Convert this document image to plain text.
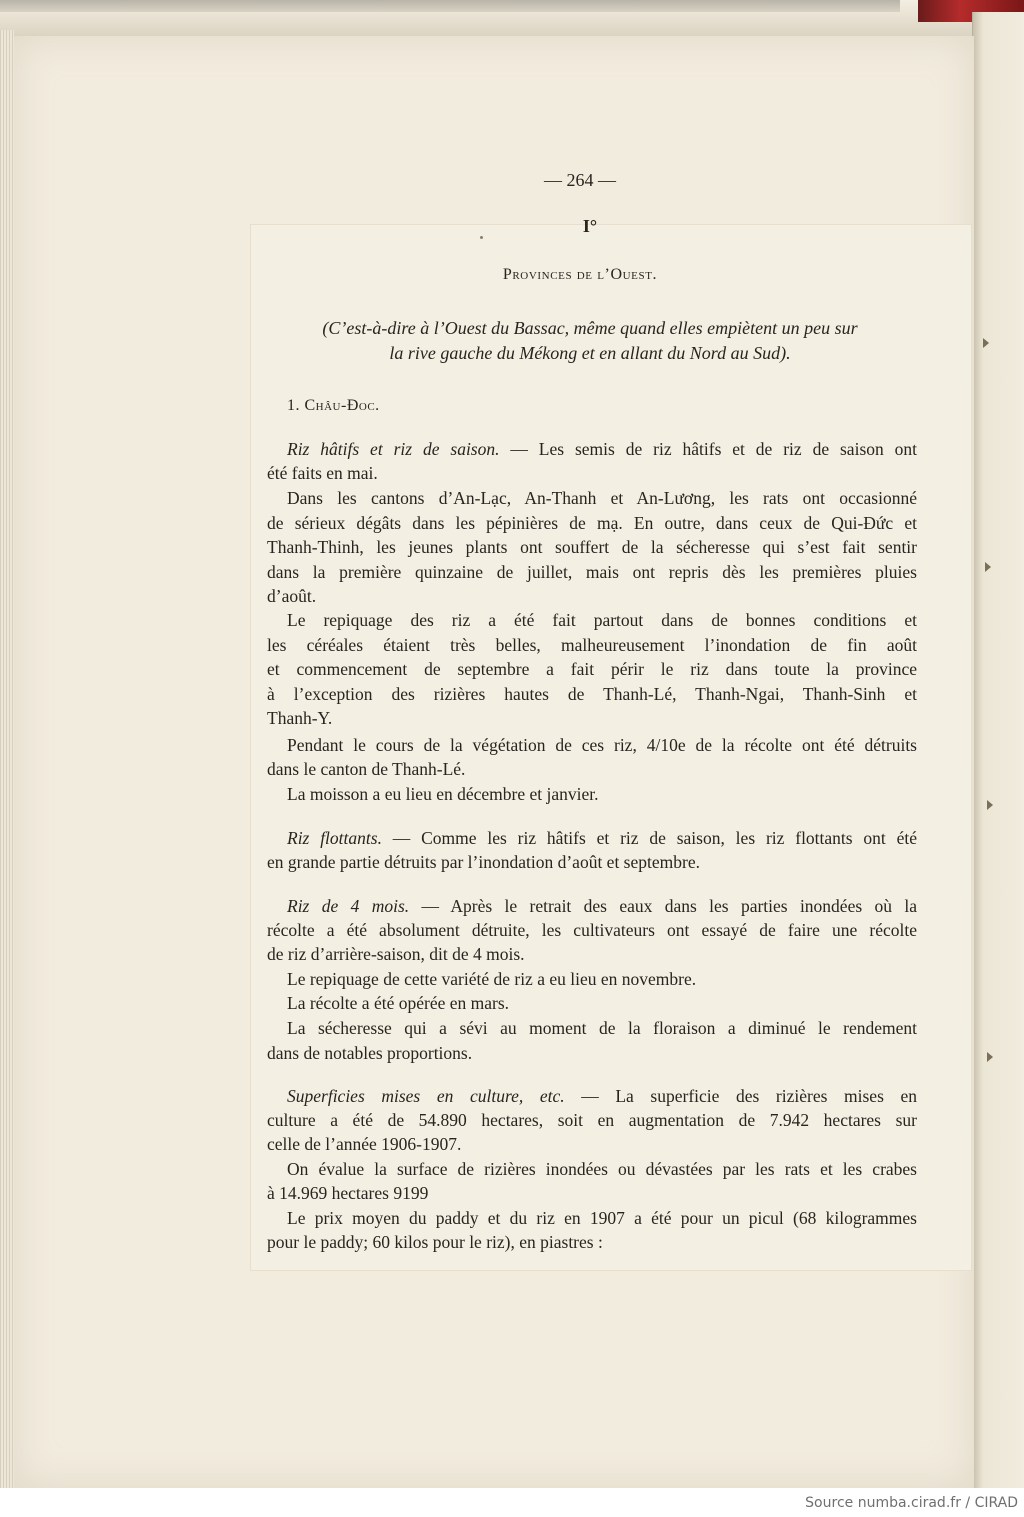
— 264 —
I°
Provinces de l’Ouest.
(C’est-à-dire à l’Ouest du Bassac, même quand elles empiètent un peu sur
la rive gauche du Mékong et en allant du Nord au Sud).
1. Châu-Đoc.
Riz hâtifs et riz de saison. — Les semis de riz hâtifs et de riz de saison ont
été faits en mai.
Dans les cantons d’An-Lạc, An-Thanh et An-Lương, les rats ont occasionné
de sérieux dégâts dans les pépinières de mạ. En outre, dans ceux de Qui-Đức et
Thanh-Thinh, les jeunes plants ont souffert de la sécheresse qui s’est fait sentir
dans la première quinzaine de juillet, mais ont repris dès les premières pluies
d’août.
Le repiquage des riz a été fait partout dans de bonnes conditions et
les céréales étaient très belles, malheureusement l’inondation de fin août
et commencement de septembre a fait périr le riz dans toute la province
à l’exception des rizières hautes de Thanh-Lé, Thanh-Ngai, Thanh-Sinh et
Thanh-Y.
Pendant le cours de la végétation de ces riz, 4/10e de la récolte ont été détruits
dans le canton de Thanh-Lé.
La moisson a eu lieu en décembre et janvier.
Riz flottants. — Comme les riz hâtifs et riz de saison, les riz flottants ont été
en grande partie détruits par l’inondation d’août et septembre.
Riz de 4 mois. — Après le retrait des eaux dans les parties inondées où la
récolte a été absolument détruite, les cultivateurs ont essayé de faire une récolte
de riz d’arrière-saison, dit de 4 mois.
Le repiquage de cette variété de riz a eu lieu en novembre.
La récolte a été opérée en mars.
La sécheresse qui a sévi au moment de la floraison a diminué le rendement
dans de notables proportions.
Superficies mises en culture, etc. — La superficie des rizières mises en
culture a été de 54.890 hectares, soit en augmentation de 7.942 hectares sur
celle de l’année 1906-1907.
On évalue la surface de rizières inondées ou dévastées par les rats et les crabes
à 14.969 hectares 9199
Le prix moyen du paddy et du riz en 1907 a été pour un picul (68 kilogrammes
pour le paddy; 60 kilos pour le riz), en piastres :
Source numba.cirad.fr / CIRAD
